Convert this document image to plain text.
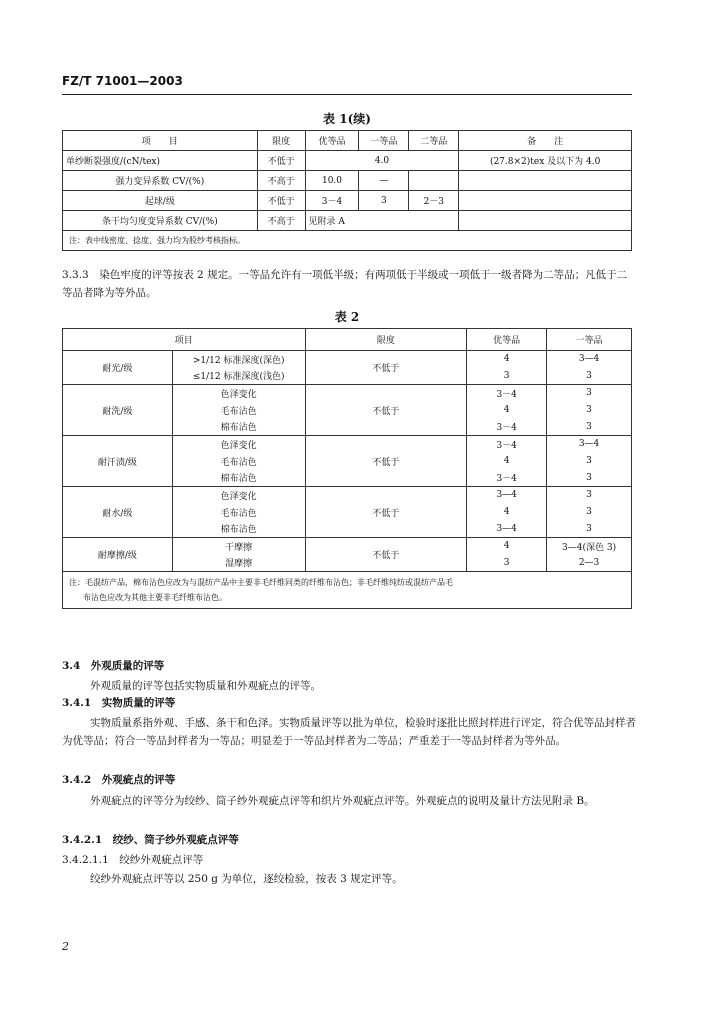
FZ/T 71001—2003
表 1(续)
项　　目	限度	优等品	一等品	二等品	备　　注
单纱断裂强度/(cN/tex)	不低于	4.0			(27.8×2)tex 及以下为 4.0
强力变异系数 CV/(%)	不高于	10.0	—		
起球/级	不低于	3－4	3	2－3	
条干均匀度变异系数 CV/(%)	不高于	见附录 A			
注：表中线密度、捻度、强力均为股纱考核指标。					
3.3.3　染色牢度的评等按表 2 规定。一等品允许有一项低半级；有两项低于半级或一项低于一级者降为二等品；凡低于二等品者降为等外品。
表 2
项目		限度	优等品	一等品
耐光/级	>1/12 标准深度(深色)	不低于	4	3—4
	≤1/12 标准深度(浅色)		3	3
耐洗/级	色泽变化	不低于	3－4	3
	毛布沾色		4	3
	棉布沾色		3－4	3
耐汗渍/级	色泽变化	不低于	3－4	3—4
	毛布沾色		4	3
	棉布沾色		3－4	3
耐水/级	色泽变化	不低于	3—4	3
	毛布沾色		4	3
	棉布沾色		3—4	3
耐摩擦/级	干摩擦	不低于	4	3—4(深色 3)
	湿摩擦		3	2—3

注：毛混纺产品，棉布沾色应改为与混纺产品中主要非毛纤维同类的纤维布沾色；非毛纤维纯纺或混纺产品毛
布沾色应改为其他主要非毛纤维布沾色。				
3.4　外观质量的评等
外观质量的评等包括实物质量和外观疵点的评等。
3.4.1　实物质量的评等
实物质量系指外观、手感、条干和色泽。实物质量评等以批为单位，检验时逐批比照封样进行评定，符合优等品封样者为优等品；符合一等品封样者为一等品；明显差于一等品封样者为二等品；严重差于一等品封样者为等外品。
3.4.2　外观疵点的评等
外观疵点的评等分为绞纱、筒子纱外观疵点评等和织片外观疵点评等。外观疵点的说明及量计方法见附录 B。
3.4.2.1　绞纱、筒子纱外观疵点评等
3.4.2.1.1　绞纱外观疵点评等
绞纱外观疵点评等以 250 g 为单位，逐绞检验，按表 3 规定评等。
2
